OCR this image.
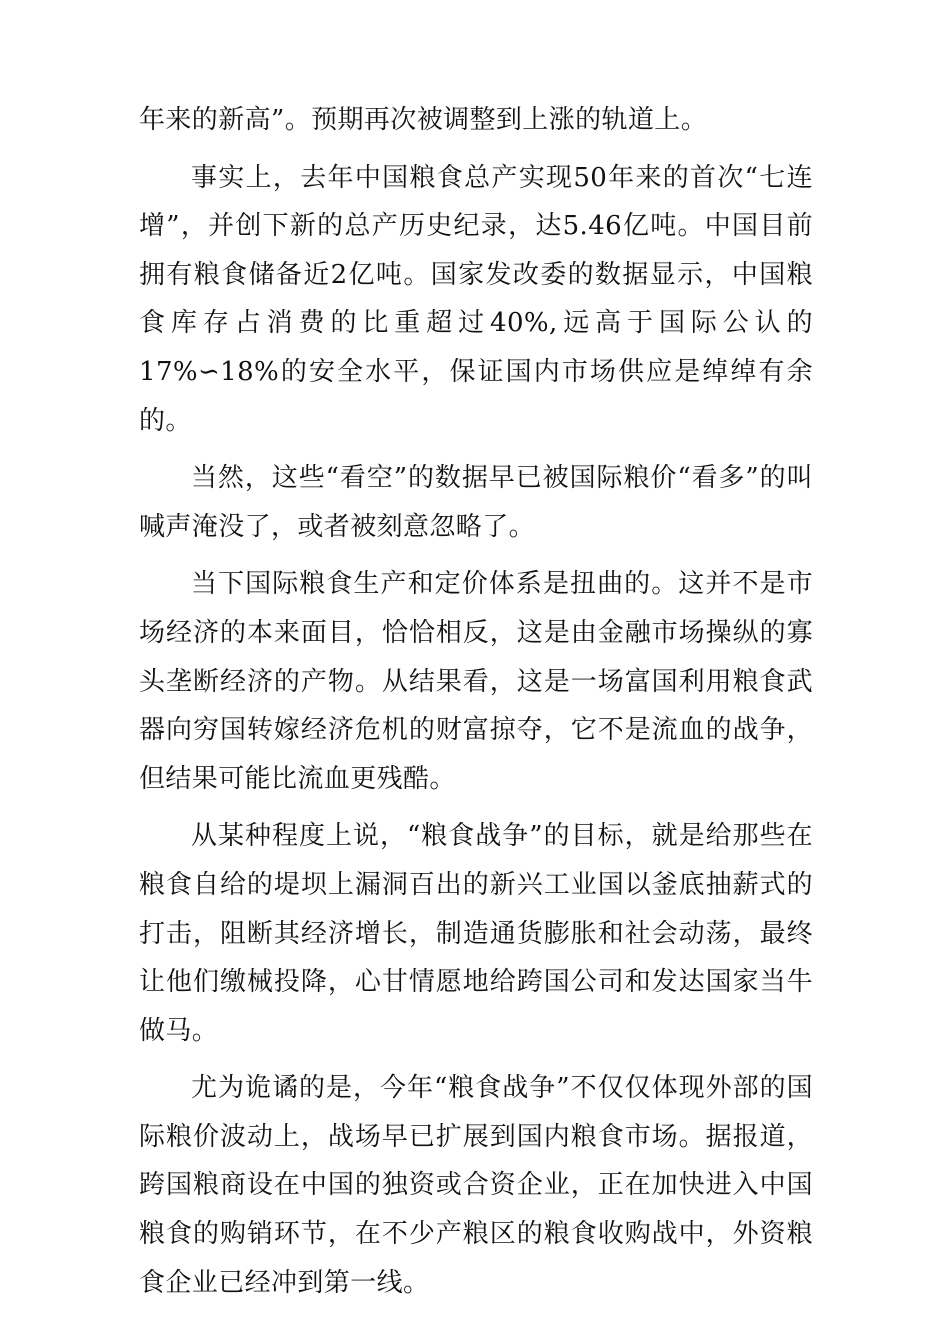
年来的新高”。预期再次被调整到上涨的轨道上。

事实上，去年中国粮食总产实现50年来的首次“七连增”，并创下新的总产历史纪录，达5.46亿吨。中国目前拥有粮食储备近2亿吨。国家发改委的数据显示，中国粮食库存占消费的比重超过40%,远高于国际公认的17%∽18%的安全水平，保证国内市场供应是绰绰有余的。

当然，这些“看空”的数据早已被国际粮价“看多”的叫喊声淹没了，或者被刻意忽略了。

当下国际粮食生产和定价体系是扭曲的。这并不是市场经济的本来面目，恰恰相反，这是由金融市场操纵的寡头垄断经济的产物。从结果看，这是一场富国利用粮食武器向穷国转嫁经济危机的财富掠夺，它不是流血的战争，但结果可能比流血更残酷。

从某种程度上说，“粮食战争”的目标，就是给那些在粮食自给的堤坝上漏洞百出的新兴工业国以釜底抽薪式的打击，阻断其经济增长，制造通货膨胀和社会动荡，最终让他们缴械投降，心甘情愿地给跨国公司和发达国家当牛做马。

尤为诡谲的是，今年“粮食战争”不仅仅体现外部的国际粮价波动上，战场早已扩展到国内粮食市场。据报道，跨国粮商设在中国的独资或合资企业，正在加快进入中国粮食的购销环节，在不少产粮区的粮食收购战中，外资粮食企业已经冲到第一线。
